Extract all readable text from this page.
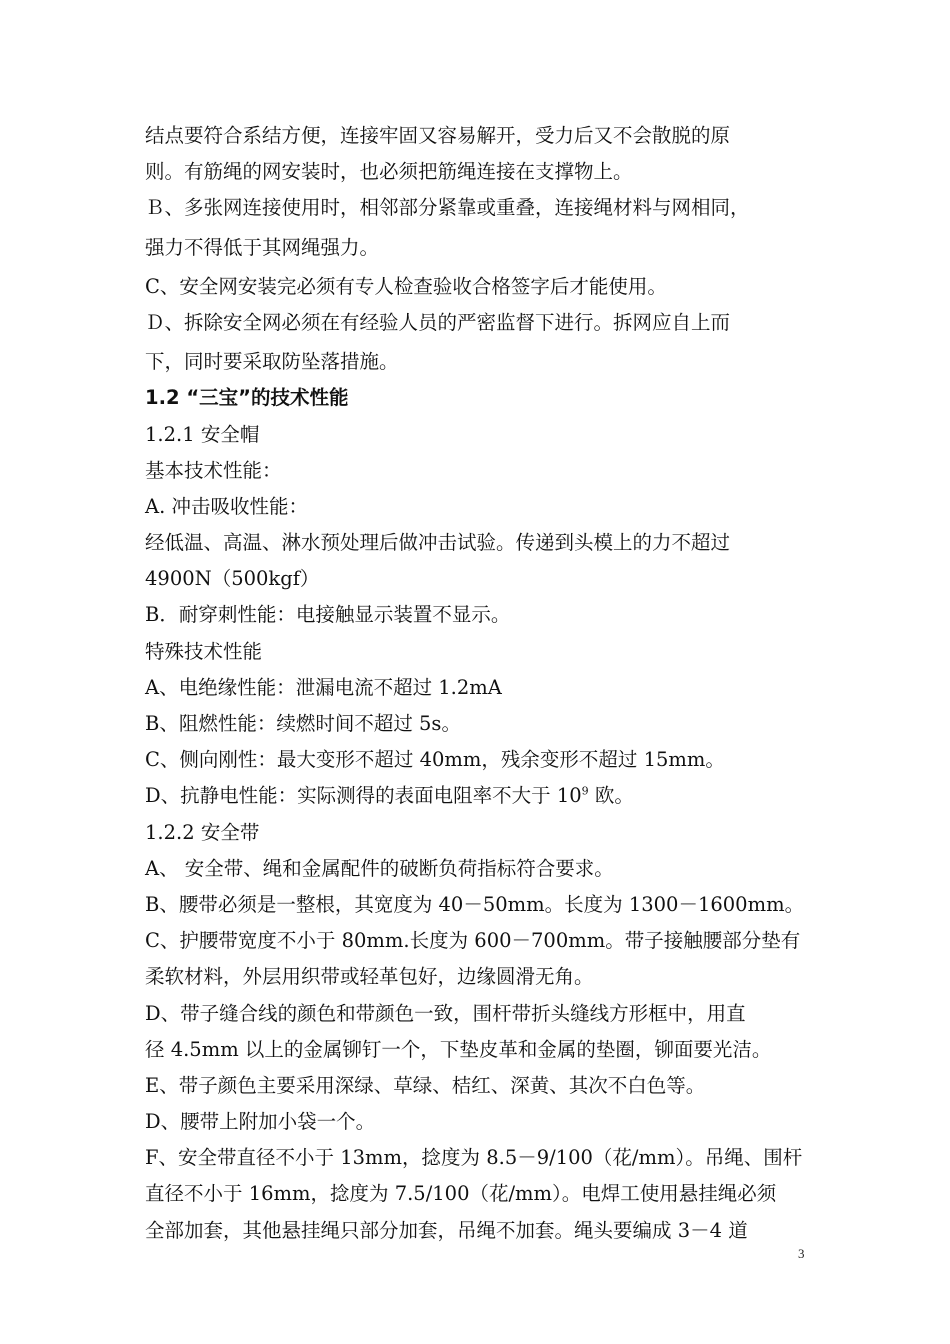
结点要符合系结方便，连接牢固又容易解开，受力后又不会散脱的原
则。有筋绳的网安装时，也必须把筋绳连接在支撑物上。
Ｂ、多张网连接使用时，相邻部分紧靠或重叠，连接绳材料与网相同，
强力不得低于其网绳强力。
C、安全网安装完必须有专人检查验收合格签字后才能使用。
Ｄ、拆除安全网必须在有经验人员的严密监督下进行。拆网应自上而
下，同时要采取防坠落措施。
1.2 “三宝”的技术性能
1.2.1 安全帽
基本技术性能：
A. 冲击吸收性能：
经低温、高温、淋水预处理后做冲击试验。传递到头模上的力不超过
4900N（500kgf）
B．耐穿刺性能：电接触显示装置不显示。
特殊技术性能
A、电绝缘性能：泄漏电流不超过 1.2mA
B、阻燃性能：续燃时间不超过 5s。
C、侧向刚性：最大变形不超过 40mm，残余变形不超过 15mm。
D、抗静电性能：实际测得的表面电阻率不大于 $10^9$ 欧。
1.2.2 安全带
A、 安全带、绳和金属配件的破断负荷指标符合要求。
B、腰带必须是一整根，其宽度为 40－50mm。长度为 1300－1600mm。
C、护腰带宽度不小于 80mm.长度为 600－700mm。带子接触腰部分垫有
柔软材料，外层用织带或轻革包好，边缘圆滑无角。
D、带子缝合线的颜色和带颜色一致，围杆带折头缝线方形框中，用直
径 4.5mm 以上的金属铆钉一个，下垫皮革和金属的垫圈，铆面要光洁。
E、带子颜色主要采用深绿、草绿、桔红、深黄、其次不白色等。
D、腰带上附加小袋一个。
F、安全带直径不小于 13mm，捻度为 8.5－9/100（花/mm）。吊绳、围杆
直径不小于 16mm，捻度为 7.5/100（花/mm）。电焊工使用悬挂绳必须
全部加套，其他悬挂绳只部分加套，吊绳不加套。绳头要编成 3－4 道
3
